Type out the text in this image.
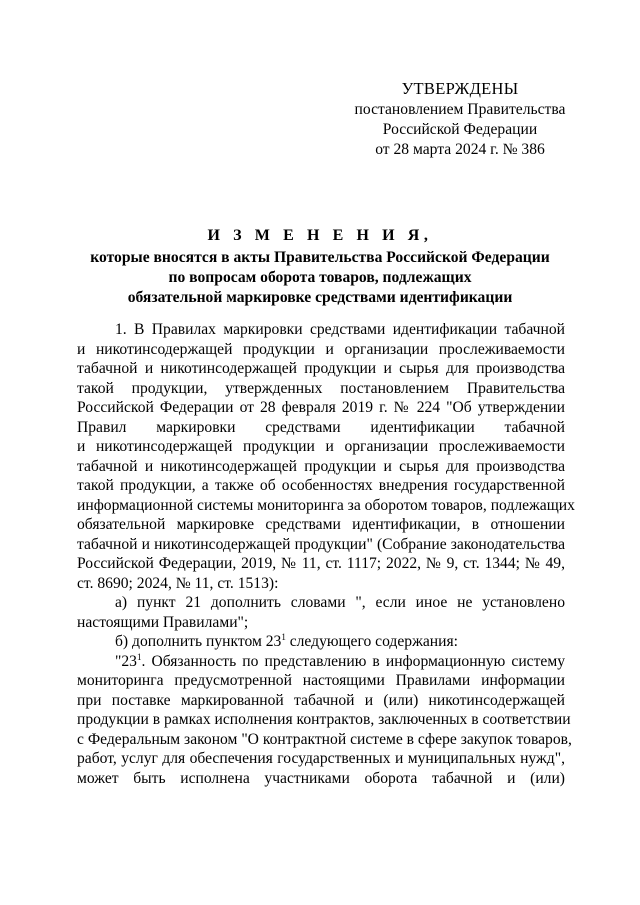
УТВЕРЖДЕНЫ
постановлением Правительства
Российской Федерации
от 28 марта 2024 г. № 386
И З М Е Н Е Н И Я,
которые вносятся в акты Правительства Российской Федерации
по вопросам оборота товаров, подлежащих
обязательной маркировке средствами идентификации
1. В Правилах маркировки средствами идентификации табачной
и никотинсодержащей продукции и организации прослеживаемости
табачной и никотинсодержащей продукции и сырья для производства
такой продукции, утвержденных постановлением Правительства
Российской Федерации от 28 февраля 2019 г. № 224 "Об утверждении
Правил маркировки средствами идентификации табачной
и никотинсодержащей продукции и организации прослеживаемости
табачной и никотинсодержащей продукции и сырья для производства
такой продукции, а также об особенностях внедрения государственной
информационной системы мониторинга за оборотом товаров, подлежащих
обязательной маркировке средствами идентификации, в отношении
табачной и никотинсодержащей продукции" (Собрание законодательства
Российской Федерации, 2019, № 11, ст. 1117; 2022, № 9, ст. 1344; № 49,
ст. 8690; 2024, № 11, ст. 1513):
а) пункт 21 дополнить словами ", если иное не установлено
настоящими Правилами";
б) дополнить пунктом $23^1$ следующего содержания:
"$23^1$. Обязанность по представлению в информационную систему
мониторинга предусмотренной настоящими Правилами информации
при поставке маркированной табачной и (или) никотинсодержащей
продукции в рамках исполнения контрактов, заключенных в соответствии
с Федеральным законом "О контрактной системе в сфере закупок товаров,
работ, услуг для обеспечения государственных и муниципальных нужд",
может быть исполнена участниками оборота табачной и (или)
